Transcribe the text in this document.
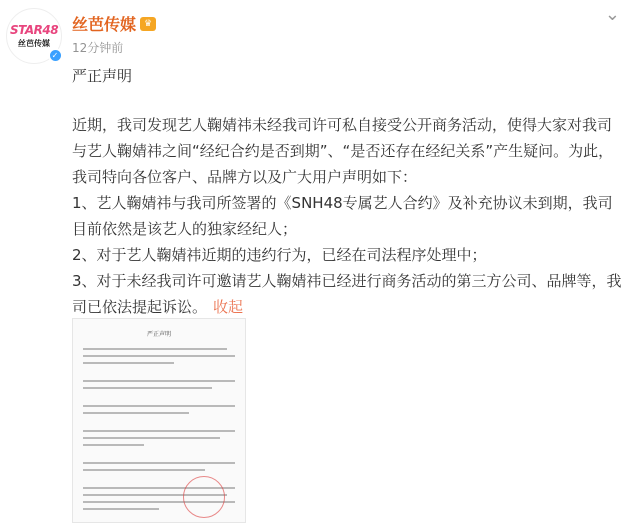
STAR48
丝芭传媒
✓
丝芭传媒 ♛
12分钟前
⌄

严正声明

近期，我司发现艺人鞠婧祎未经我司许可私自接受公开商务活动，使得大家对我司与艺人鞠婧祎之间“经纪合约是否到期”、“是否还存在经纪关系”产生疑问。为此，我司特向各位客户、品牌方以及广大用户声明如下：

1、艺人鞠婧祎与我司所签署的《SNH48专属艺人合约》及补充协议未到期，我司目前依然是该艺人的独家经纪人；

2、对于艺人鞠婧祎近期的违约行为，已经在司法程序处理中；

3、对于未经我司许可邀请艺人鞠婧祎已经进行商务活动的第三方公司、品牌等，我司已依法提起诉讼。 收起

严正声明
